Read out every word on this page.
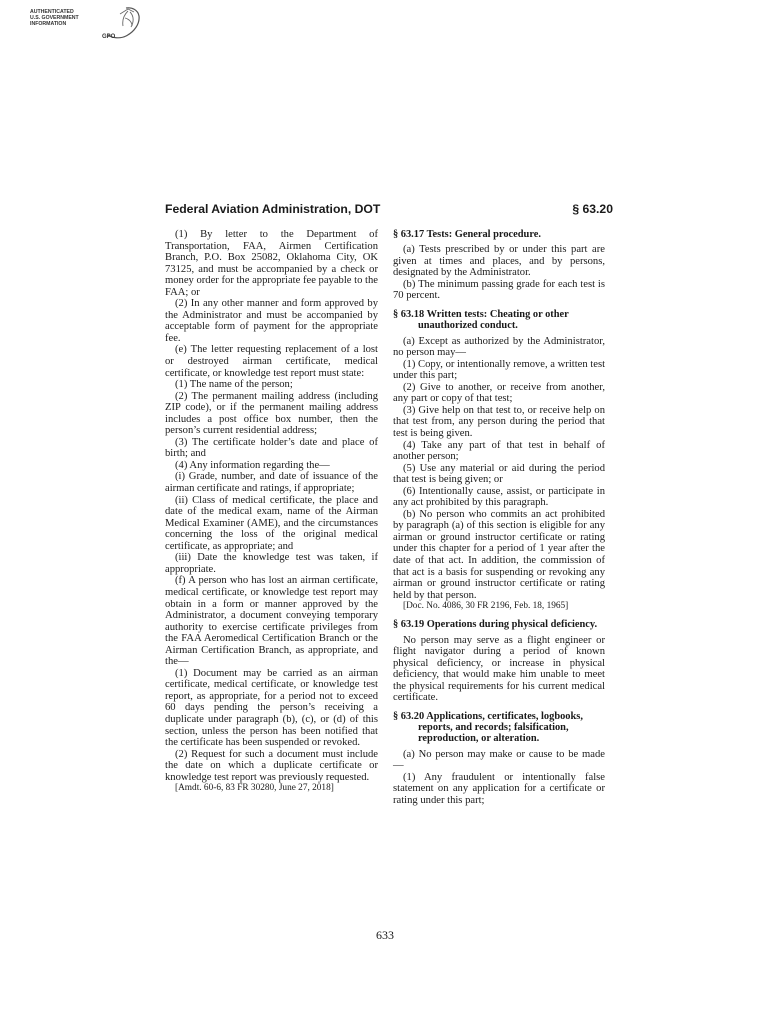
AUTHENTICATED
U.S. GOVERNMENT
INFORMATION
GPO
Federal Aviation Administration, DOT	§ 63.20

(1) By letter to the Department of Transportation, FAA, Airmen Certification Branch, P.O. Box 25082, Oklahoma City, OK 73125, and must be accompanied by a check or money order for the appropriate fee payable to the FAA; or

(2) In any other manner and form approved by the Administrator and must be accompanied by acceptable form of payment for the appropriate fee.

(e) The letter requesting replacement of a lost or destroyed airman certificate, medical certificate, or knowledge test report must state:

(1) The name of the person;

(2) The permanent mailing address (including ZIP code), or if the permanent mailing address includes a post office box number, then the person’s current residential address;

(3) The certificate holder’s date and place of birth; and

(4) Any information regarding the—

(i) Grade, number, and date of issuance of the airman certificate and ratings, if appropriate;

(ii) Class of medical certificate, the place and date of the medical exam, name of the Airman Medical Examiner (AME), and the circumstances concerning the loss of the original medical certificate, as appropriate; and

(iii) Date the knowledge test was taken, if appropriate.

(f) A person who has lost an airman certificate, medical certificate, or knowledge test report may obtain in a form or manner approved by the Administrator, a document conveying temporary authority to exercise certificate privileges from the FAA Aeromedical Certification Branch or the Airman Certification Branch, as appropriate, and the—

(1) Document may be carried as an airman certificate, medical certificate, or knowledge test report, as appropriate, for a period not to exceed 60 days pending the person’s receiving a duplicate under paragraph (b), (c), or (d) of this section, unless the person has been notified that the certificate has been suspended or revoked.

(2) Request for such a document must include the date on which a duplicate certificate or knowledge test report was previously requested.

[Amdt. 60-6, 83 FR 30280, June 27, 2018]

§ 63.17 Tests: General procedure.

(a) Tests prescribed by or under this part are given at times and places, and by persons, designated by the Administrator.

(b) The minimum passing grade for each test is 70 percent.

§ 63.18 Written tests: Cheating or other unauthorized conduct.

(a) Except as authorized by the Administrator, no person may—

(1) Copy, or intentionally remove, a written test under this part;

(2) Give to another, or receive from another, any part or copy of that test;

(3) Give help on that test to, or receive help on that test from, any person during the period that test is being given.

(4) Take any part of that test in behalf of another person;

(5) Use any material or aid during the period that test is being given; or

(6) Intentionally cause, assist, or participate in any act prohibited by this paragraph.

(b) No person who commits an act prohibited by paragraph (a) of this section is eligible for any airman or ground instructor certificate or rating under this chapter for a period of 1 year after the date of that act. In addition, the commission of that act is a basis for suspending or revoking any airman or ground instructor certificate or rating held by that person.

[Doc. No. 4086, 30 FR 2196, Feb. 18, 1965]

§ 63.19 Operations during physical deficiency.

No person may serve as a flight engineer or flight navigator during a period of known physical deficiency, or increase in physical deficiency, that would make him unable to meet the physical requirements for his current medical certificate.

§ 63.20 Applications, certificates, logbooks, reports, and records; falsification, reproduction, or alteration.

(a) No person may make or cause to be made—

(1) Any fraudulent or intentionally false statement on any application for a certificate or rating under this part;

633
